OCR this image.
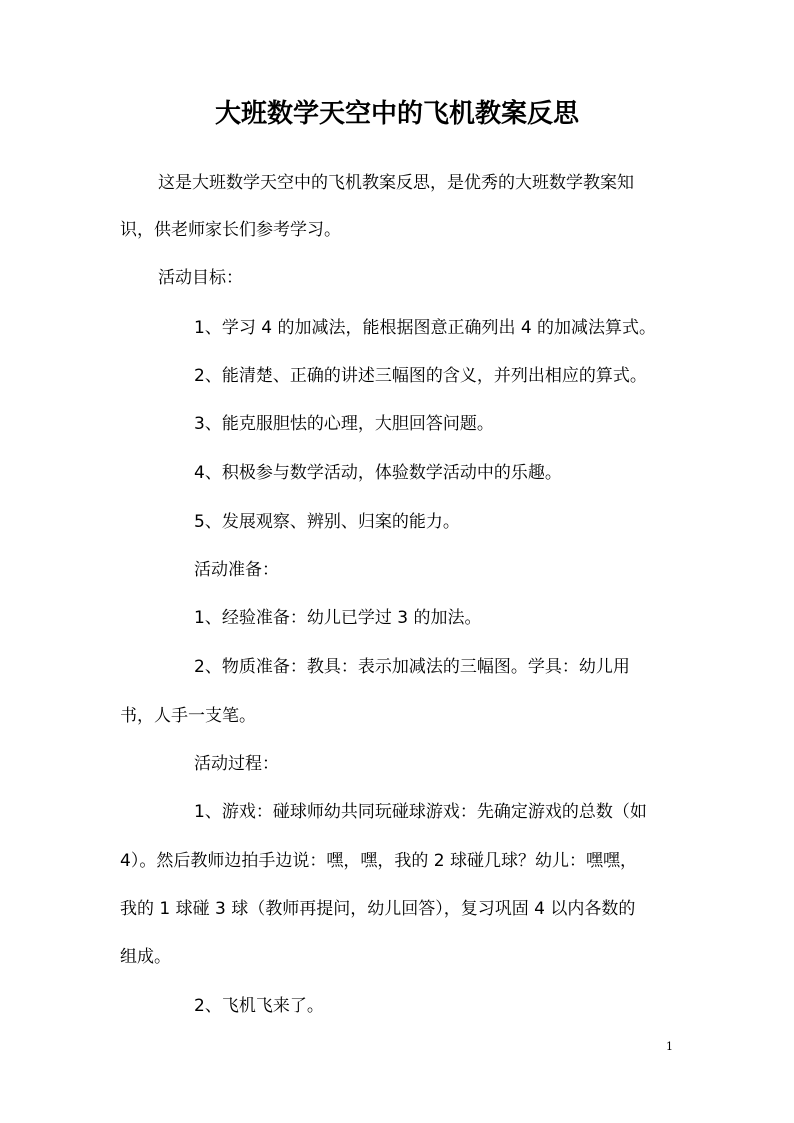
大班数学天空中的飞机教案反思
这是大班数学天空中的飞机教案反思，是优秀的大班数学教案知
识，供老师家长们参考学习。
活动目标：
1、学习 4 的加减法，能根据图意正确列出 4 的加减法算式。
2、能清楚、正确的讲述三幅图的含义，并列出相应的算式。
3、能克服胆怯的心理，大胆回答问题。
4、积极参与数学活动，体验数学活动中的乐趣。
5、发展观察、辨别、归案的能力。
活动准备：
1、经验准备：幼儿已学过 3 的加法。
2、物质准备：教具：表示加减法的三幅图。学具：幼儿用
书，人手一支笔。
活动过程：
1、游戏：碰球师幼共同玩碰球游戏：先确定游戏的总数（如
4）。然后教师边拍手边说：嘿，嘿，我的 2 球碰几球？幼儿：嘿嘿，
我的 1 球碰 3 球（教师再提问，幼儿回答），复习巩固 4 以内各数的
组成。
2、飞机飞来了。
1
